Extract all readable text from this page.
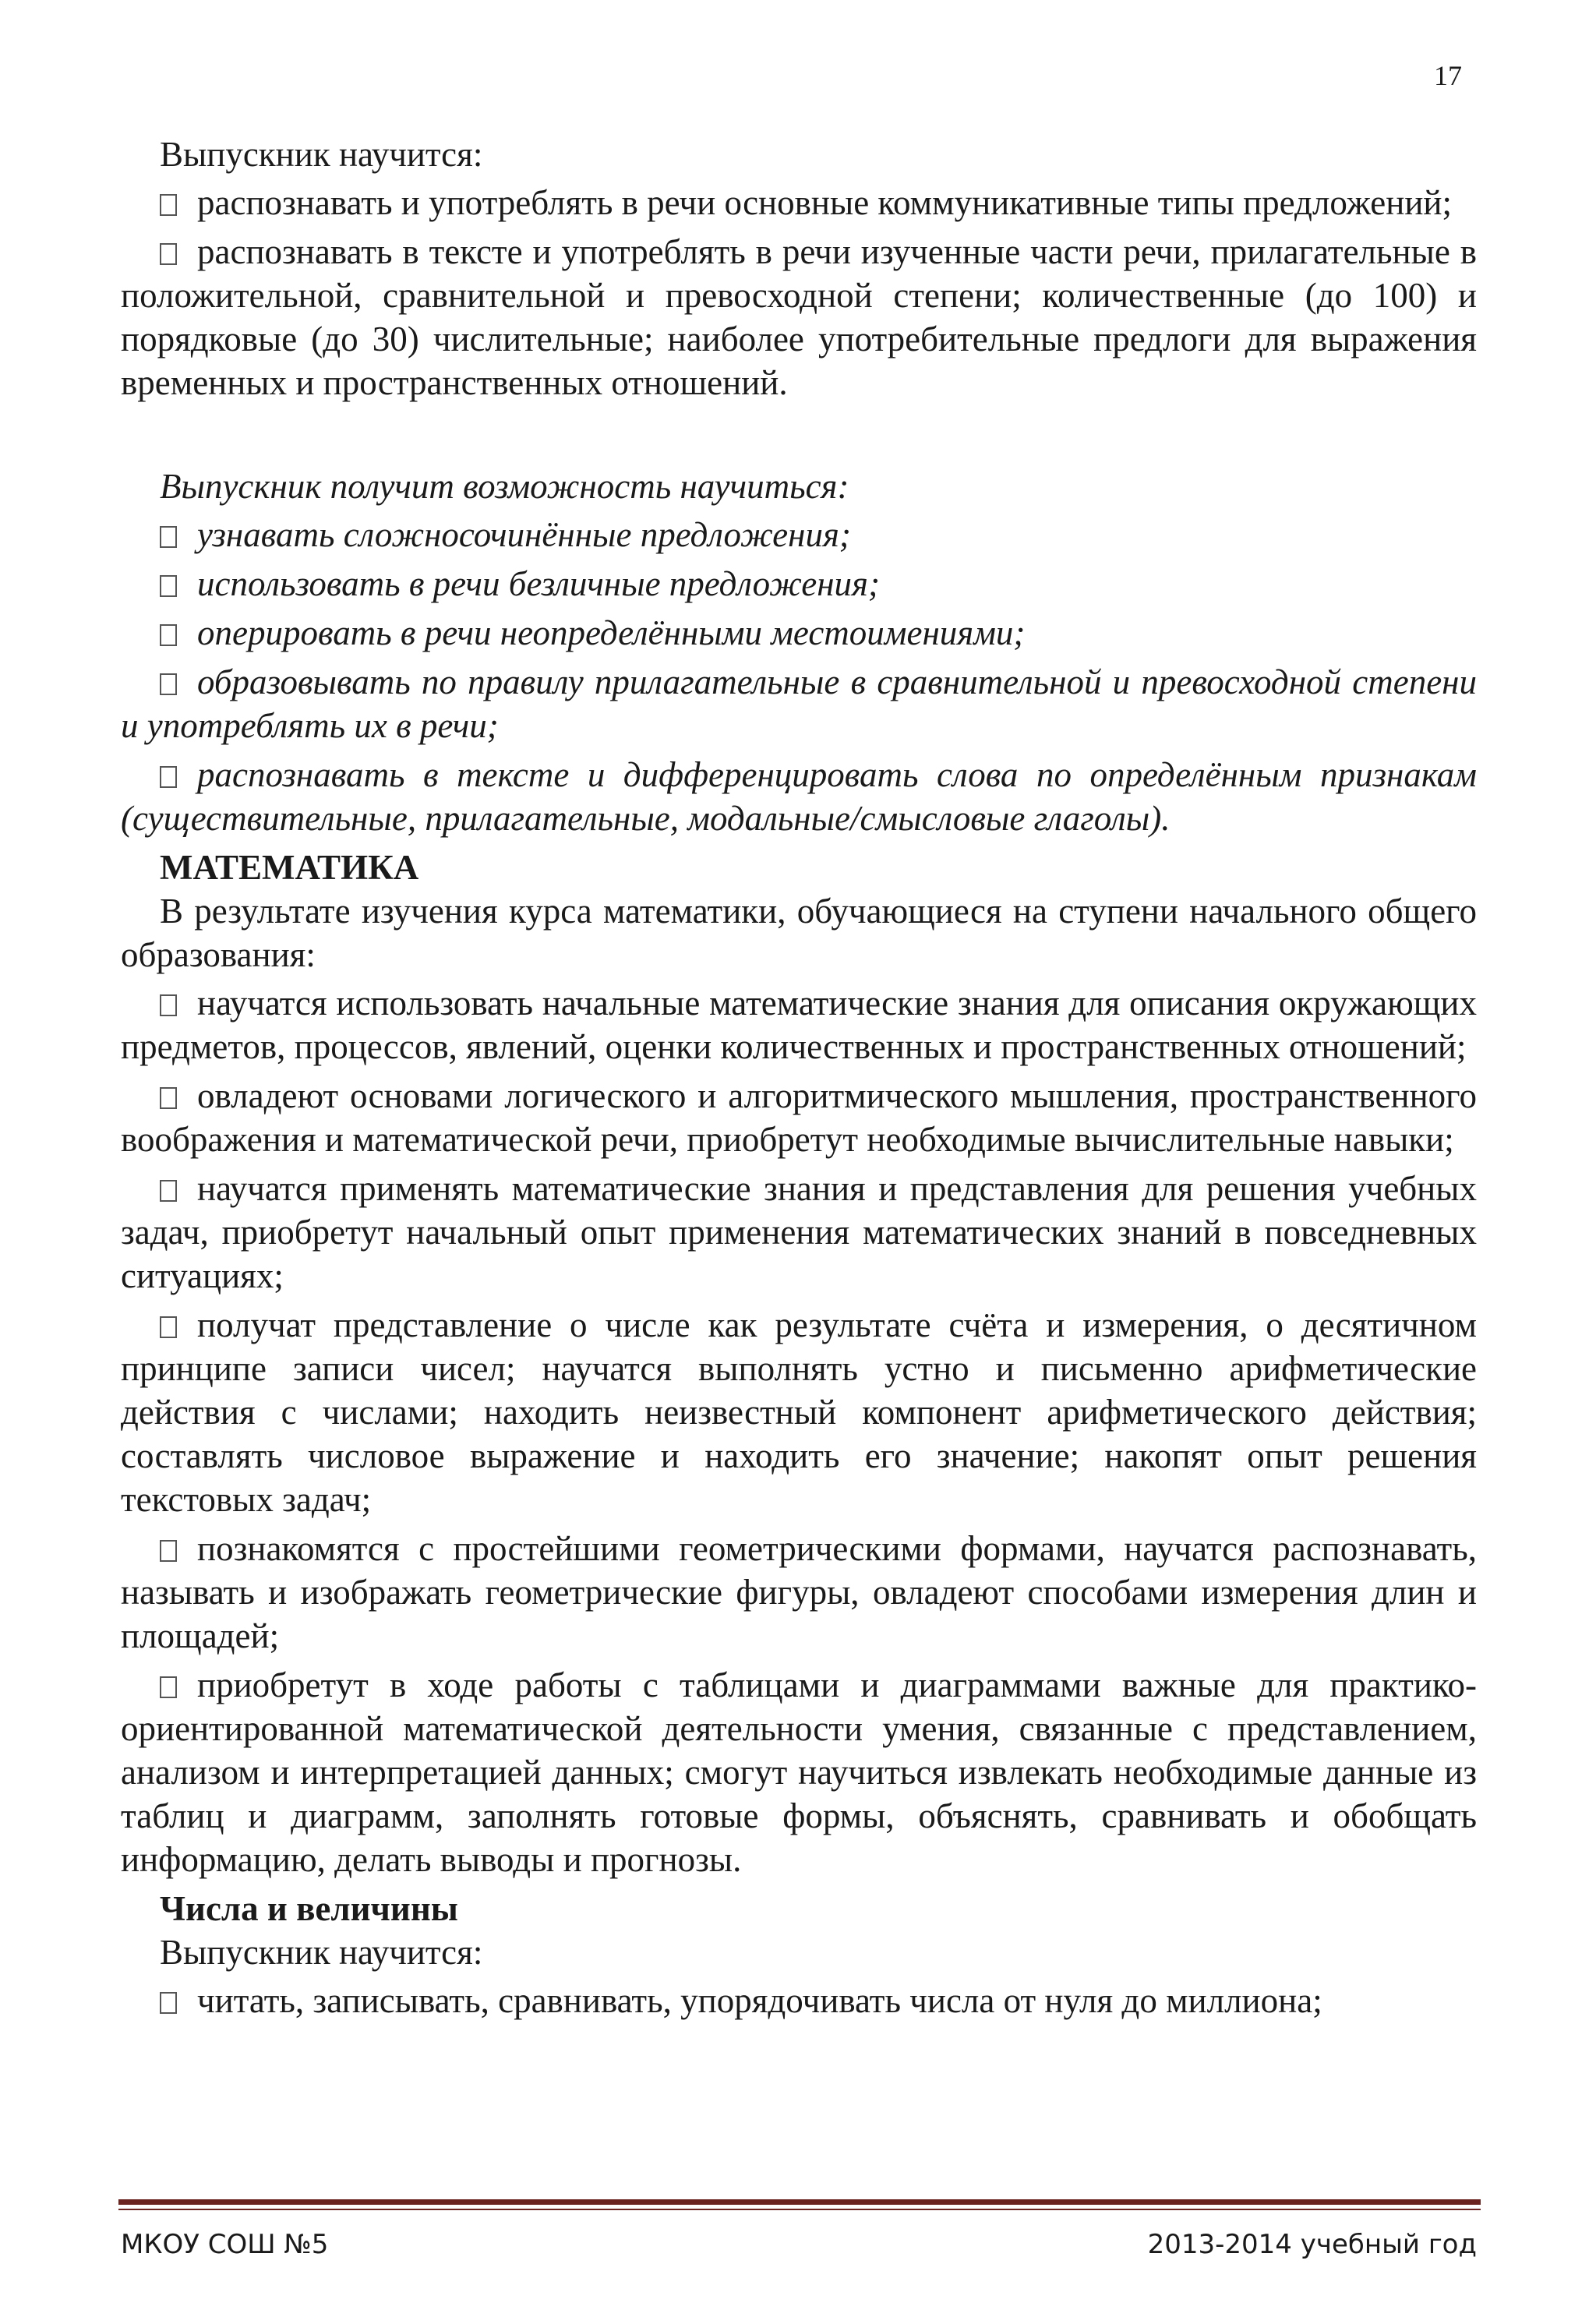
17
Выпускник научится:
распознавать и употреблять в речи основные коммуникативные типы предложений;
распознавать в тексте и употреблять в речи изученные части речи, прилагательные в положительной, сравнительной и превосходной степени; количественные (до 100) и порядковые (до 30) числительные; наиболее употребительные предлоги для выражения временных и пространственных отношений.
Выпускник получит возможность научиться:
узнавать сложносочинённые предложения;
использовать в речи безличные предложения;
оперировать в речи неопределёнными местоимениями;
образовывать по правилу прилагательные в сравнительной и превосходной степени и употреблять их в речи;
распознавать в тексте и дифференцировать слова по определённым признакам (существительные, прилагательные, модальные/смысловые глаголы).
МАТЕМАТИКА
В результате изучения курса математики, обучающиеся на ступени начального общего образования:
научатся использовать начальные математические знания для описания окружающих предметов, процессов, явлений, оценки количественных и пространственных отношений;
овладеют основами логического и алгоритмического мышления, пространственного воображения и математической речи, приобретут необходимые вычислительные навыки;
научатся применять математические знания и представления для решения учебных задач, приобретут начальный опыт применения математических знаний в повседневных ситуациях;
получат представление о числе как результате счёта и измерения, о десятичном принципе записи чисел; научатся выполнять устно и письменно арифметические действия с числами; находить неизвестный компонент арифметического действия; составлять числовое выражение и находить его значение; накопят опыт решения текстовых задач;
познакомятся с простейшими геометрическими формами, научатся распознавать, называть и изображать геометрические фигуры, овладеют способами измерения длин и площадей;
приобретут в ходе работы с таблицами и диаграммами важные для практико-ориентированной математической деятельности умения, связанные с представлением, анализом и интерпретацией данных; смогут научиться извлекать необходимые данные из таблиц и диаграмм, заполнять готовые формы, объяснять, сравнивать и обобщать информацию, делать выводы и прогнозы.
Числа и величины
Выпускник научится:
читать, записывать, сравнивать, упорядочивать числа от нуля до миллиона;
МКОУ СОШ №5	2013-2014 учебный год
